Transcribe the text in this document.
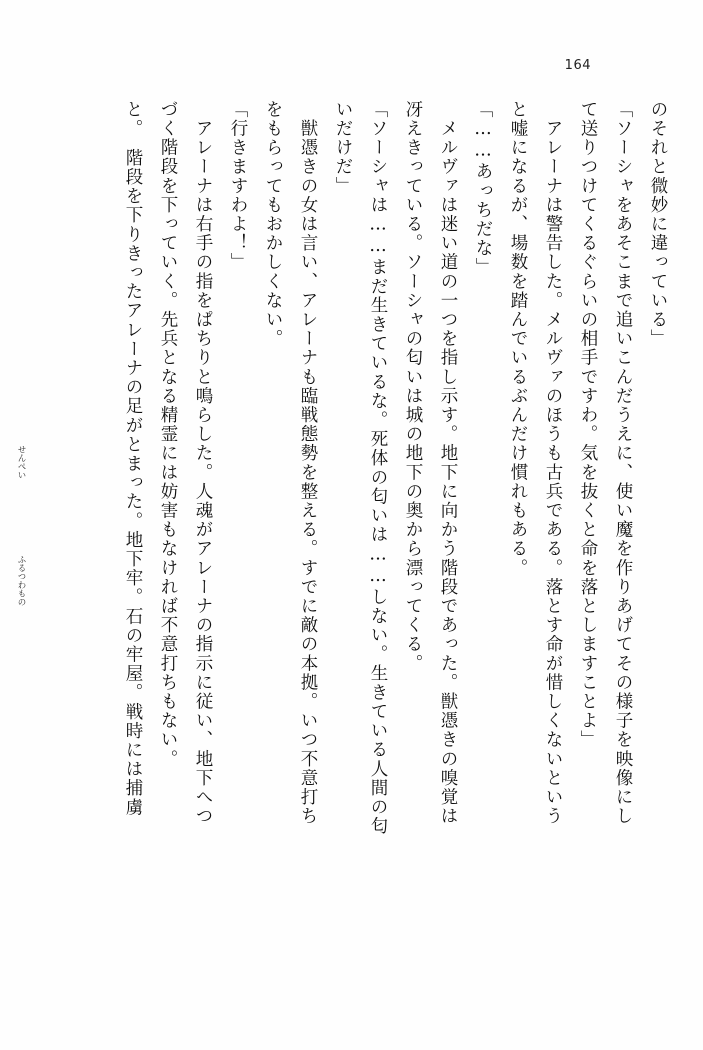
164
のそれと微妙に違っている」
「ソーシャをあそこまで追いこんだうえに、使い魔を作りあげてその様子を映像にし
て送りつけてくるぐらいの相手ですわ。気を抜くと命を落としますことよ」
　アレーナは警告した。メルヴァのほうも古兵である。落とす命が惜しくないという
ふるつわもの
と嘘になるが、場数を踏んでいるぶんだけ慣れもある。
「……あっちだな」
　メルヴァは迷い道の一つを指し示す。地下に向かう階段であった。獣憑きの嗅覚は
冴えきっている。ソーシャの匂いは城の地下の奥から漂ってくる。
「ソーシャは……まだ生きているな。死体の匂いは……しない。生きている人間の匂
いだけだ」
　獣憑きの女は言い、アレーナも臨戦態勢を整える。すでに敵の本拠。いつ不意打ち
をもらってもおかしくない。
「行きますわよ！」
　アレーナは右手の指をぱちりと鳴らした。人魂がアレーナの指示に従い、地下へつ
づく階段を下っていく。先兵となる精霊には妨害もなければ不意打ちもない。
せんぺい	と。　階段を下りきったアレーナの足がとまった。地下牢。石の牢屋。戦時には捕虜
